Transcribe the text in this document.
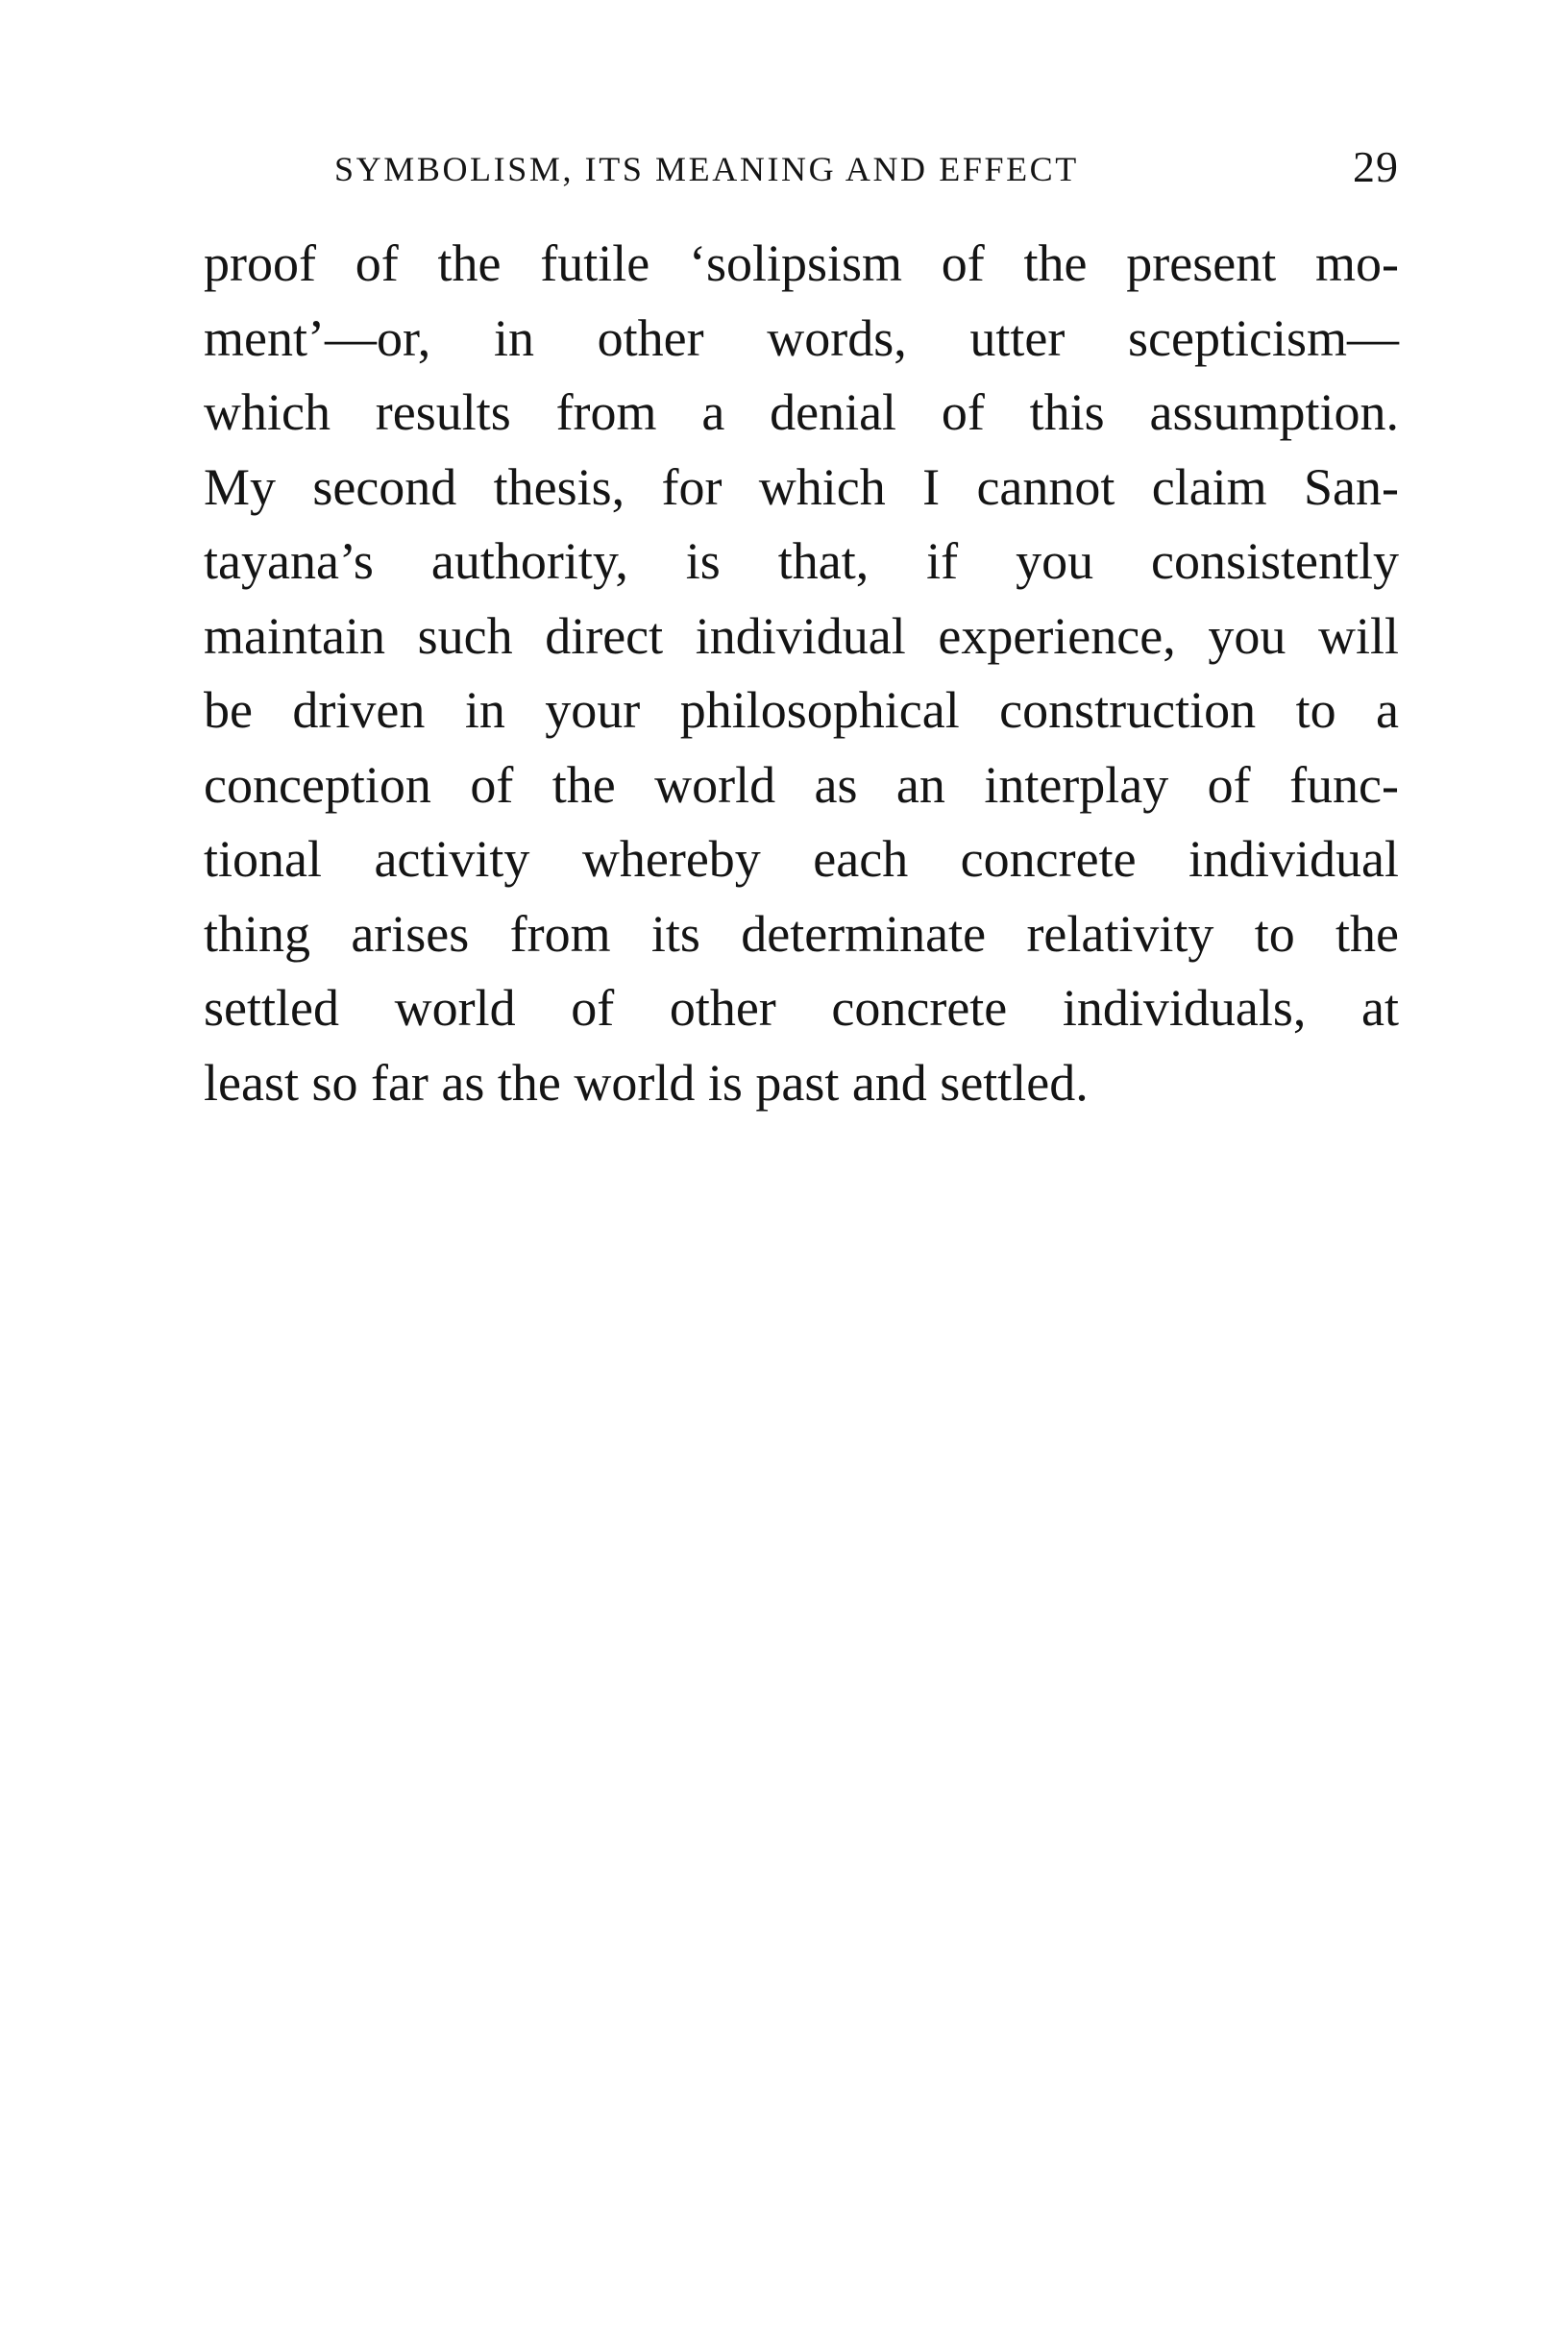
SYMBOLISM, ITS MEANING AND EFFECT	29
proof of the futile ‘solipsism of the present mo-
ment’—or, in other words, utter scepticism—
which results from a denial of this assumption.
My second thesis, for which I cannot claim San-
tayana’s authority, is that, if you consistently
maintain such direct individual experience, you will
be driven in your philosophical construction to a
conception of the world as an interplay of func-
tional activity whereby each concrete individual
thing arises from its determinate relativity to the
settled world of other concrete individuals, at
least so far as the world is past and settled.
